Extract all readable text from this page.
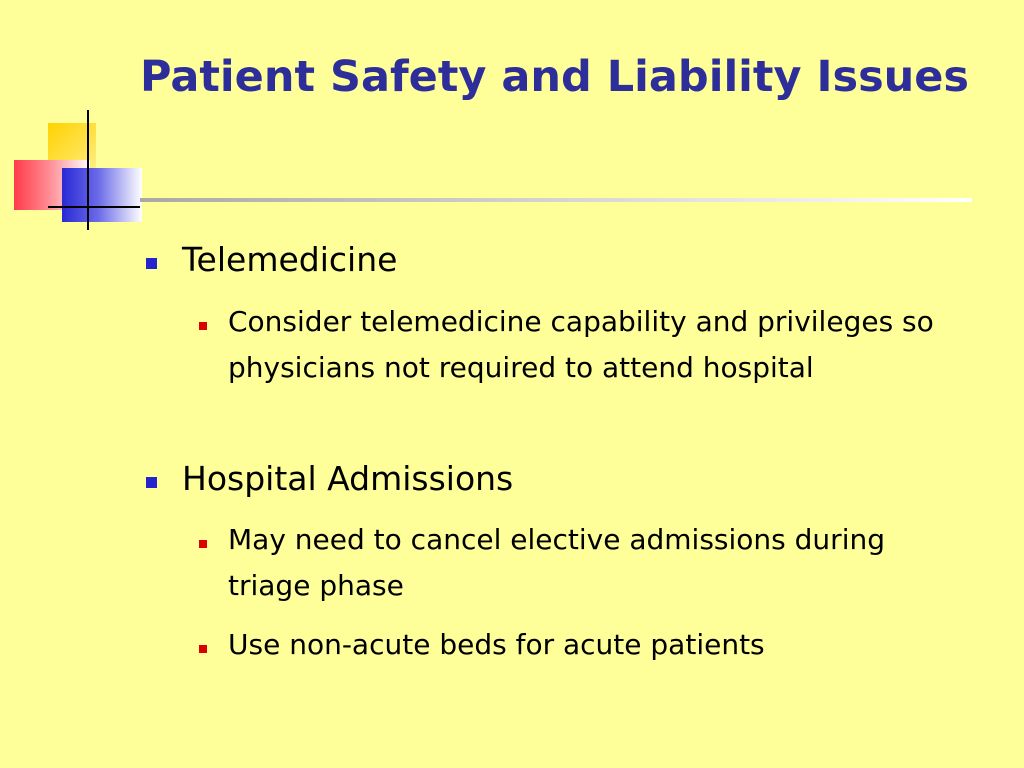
Patient Safety and Liability Issues
Telemedicine
Consider telemedicine capability and privileges so physicians not required to attend hospital
Hospital Admissions
May need to cancel elective admissions during triage phase
Use non-acute beds for acute patients
